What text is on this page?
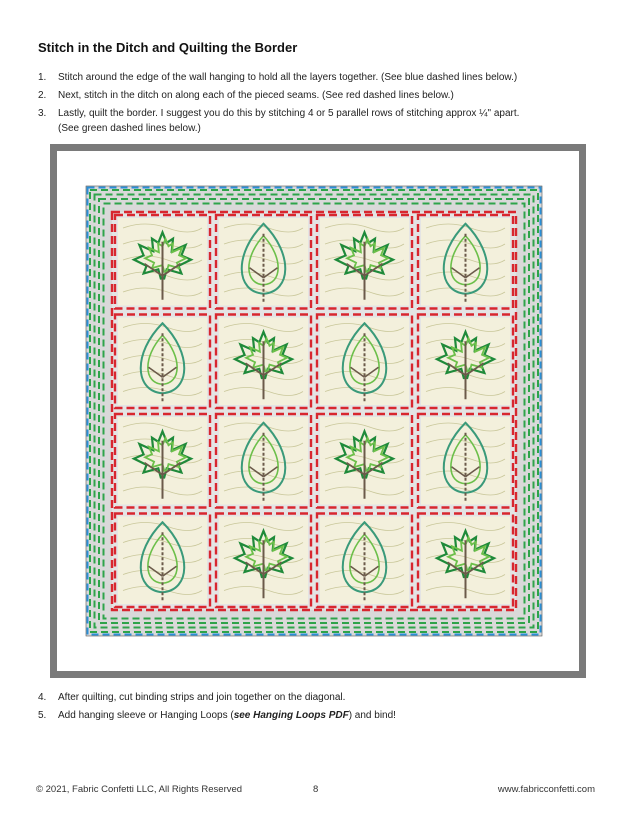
Stitch in the Ditch and Quilting the Border
1. Stitch around the edge of the wall hanging to hold all the layers together. (See blue dashed lines below.)
2. Next, stitch in the ditch on along each of the pieced seams. (See red dashed lines below.)
3. Lastly, quilt the border. I suggest you do this by stitching 4 or 5 parallel rows of stitching approx ¼" apart.
(See green dashed lines below.)
4. After quilting, cut binding strips and join together on the diagonal.
5. Add hanging sleeve or Hanging Loops (see Hanging Loops PDF) and bind!
© 2021, Fabric Confetti LLC, All Rights Reserved	8	www.fabricconfetti.com
